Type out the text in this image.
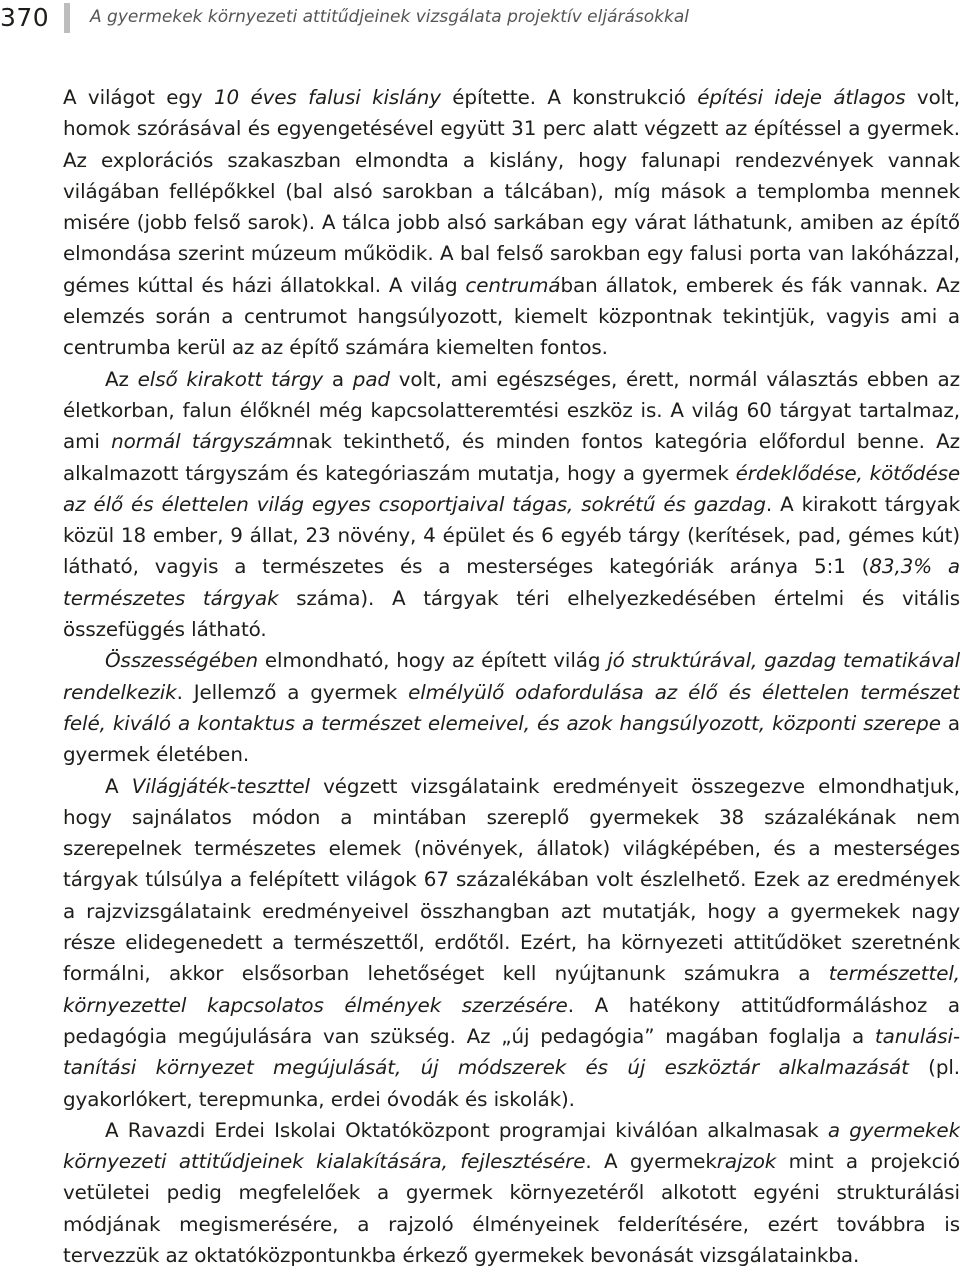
370 A gyermekek környezeti attitűdjeinek vizsgálata projektív eljárásokkal

A világot egy 10 éves falusi kislány építette. A konstrukció építési ideje átlagos volt, homok szórásával és egyengetésével együtt 31 perc alatt végzett az építéssel a gyermek. Az explorációs szakaszban elmondta a kislány, hogy falunapi rendezvények vannak világában fellépőkkel (bal alsó sarokban a tálcában), míg mások a templomba mennek misére (jobb felső sarok). A tálca jobb alsó sarkában egy várat láthatunk, amiben az építő elmondása szerint múzeum működik. A bal felső sarokban egy falusi porta van lakóházzal, gémes kúttal és házi állatokkal. A világ centrumában állatok, emberek és fák vannak. Az elemzés során a centrumot hangsúlyozott, kiemelt központnak tekintjük, vagyis ami a centrumba kerül az az építő számára kiemelten fontos.

Az első kirakott tárgy a pad volt, ami egészséges, érett, normál választás ebben az életkorban, falun élőknél még kapcsolatteremtési eszköz is. A világ 60 tárgyat tartalmaz, ami normál tárgyszámnak tekinthető, és minden fontos kategória előfordul benne. Az alkalmazott tárgyszám és kategóriaszám mutatja, hogy a gyermek érdeklődése, kötődése az élő és élettelen világ egyes csoportjaival tágas, sokrétű és gazdag. A kirakott tárgyak közül 18 ember, 9 állat, 23 növény, 4 épület és 6 egyéb tárgy (kerítések, pad, gémes kút) látható, vagyis a természetes és a mesterséges kategóriák aránya 5:1 (83,3% a természetes tárgyak száma). A tárgyak téri elhelyezkedésében értelmi és vitális összefüggés látható.

Összességében elmondható, hogy az épített világ jó struktúrával, gazdag tematikával rendelkezik. Jellemző a gyermek elmélyülő odafordulása az élő és élettelen természet felé, kiváló a kontaktus a természet elemeivel, és azok hangsúlyozott, központi szerepe a gyermek életében.

A Világjáték-teszttel végzett vizsgálataink eredményeit összegezve elmondhatjuk, hogy sajnálatos módon a mintában szereplő gyermekek 38 százalékának nem szerepelnek természetes elemek (növények, állatok) világképében, és a mesterséges tárgyak túlsúlya a felépített világok 67 százalékában volt észlelhető. Ezek az eredmények a rajzvizsgálataink eredményeivel összhangban azt mutatják, hogy a gyermekek nagy része elidegenedett a természettől, erdőtől. Ezért, ha környezeti attitűdöket szeretnénk formálni, akkor elsősorban lehetőséget kell nyújtanunk számukra a természettel, környezettel kapcsolatos élmények szerzésére. A hatékony attitűdformáláshoz a pedagógia megújulására van szükség. Az „új pedagógia” magában foglalja a tanulási-tanítási környezet megújulását, új módszerek és új eszköztár alkalmazását (pl. gyakorlókert, terepmunka, erdei óvodák és iskolák).

A Ravazdi Erdei Iskolai Oktatóközpont programjai kiválóan alkalmasak a gyermekek környezeti attitűdjeinek kialakítására, fejlesztésére. A gyermekrajzok mint a projekció vetületei pedig megfelelőek a gyermek környezetéről alkotott egyéni strukturálási módjának megismerésére, a rajzoló élményeinek felderítésére, ezért továbbra is tervezzük az oktatóközpontunkba érkező gyermekek bevonását vizsgálatainkba.
